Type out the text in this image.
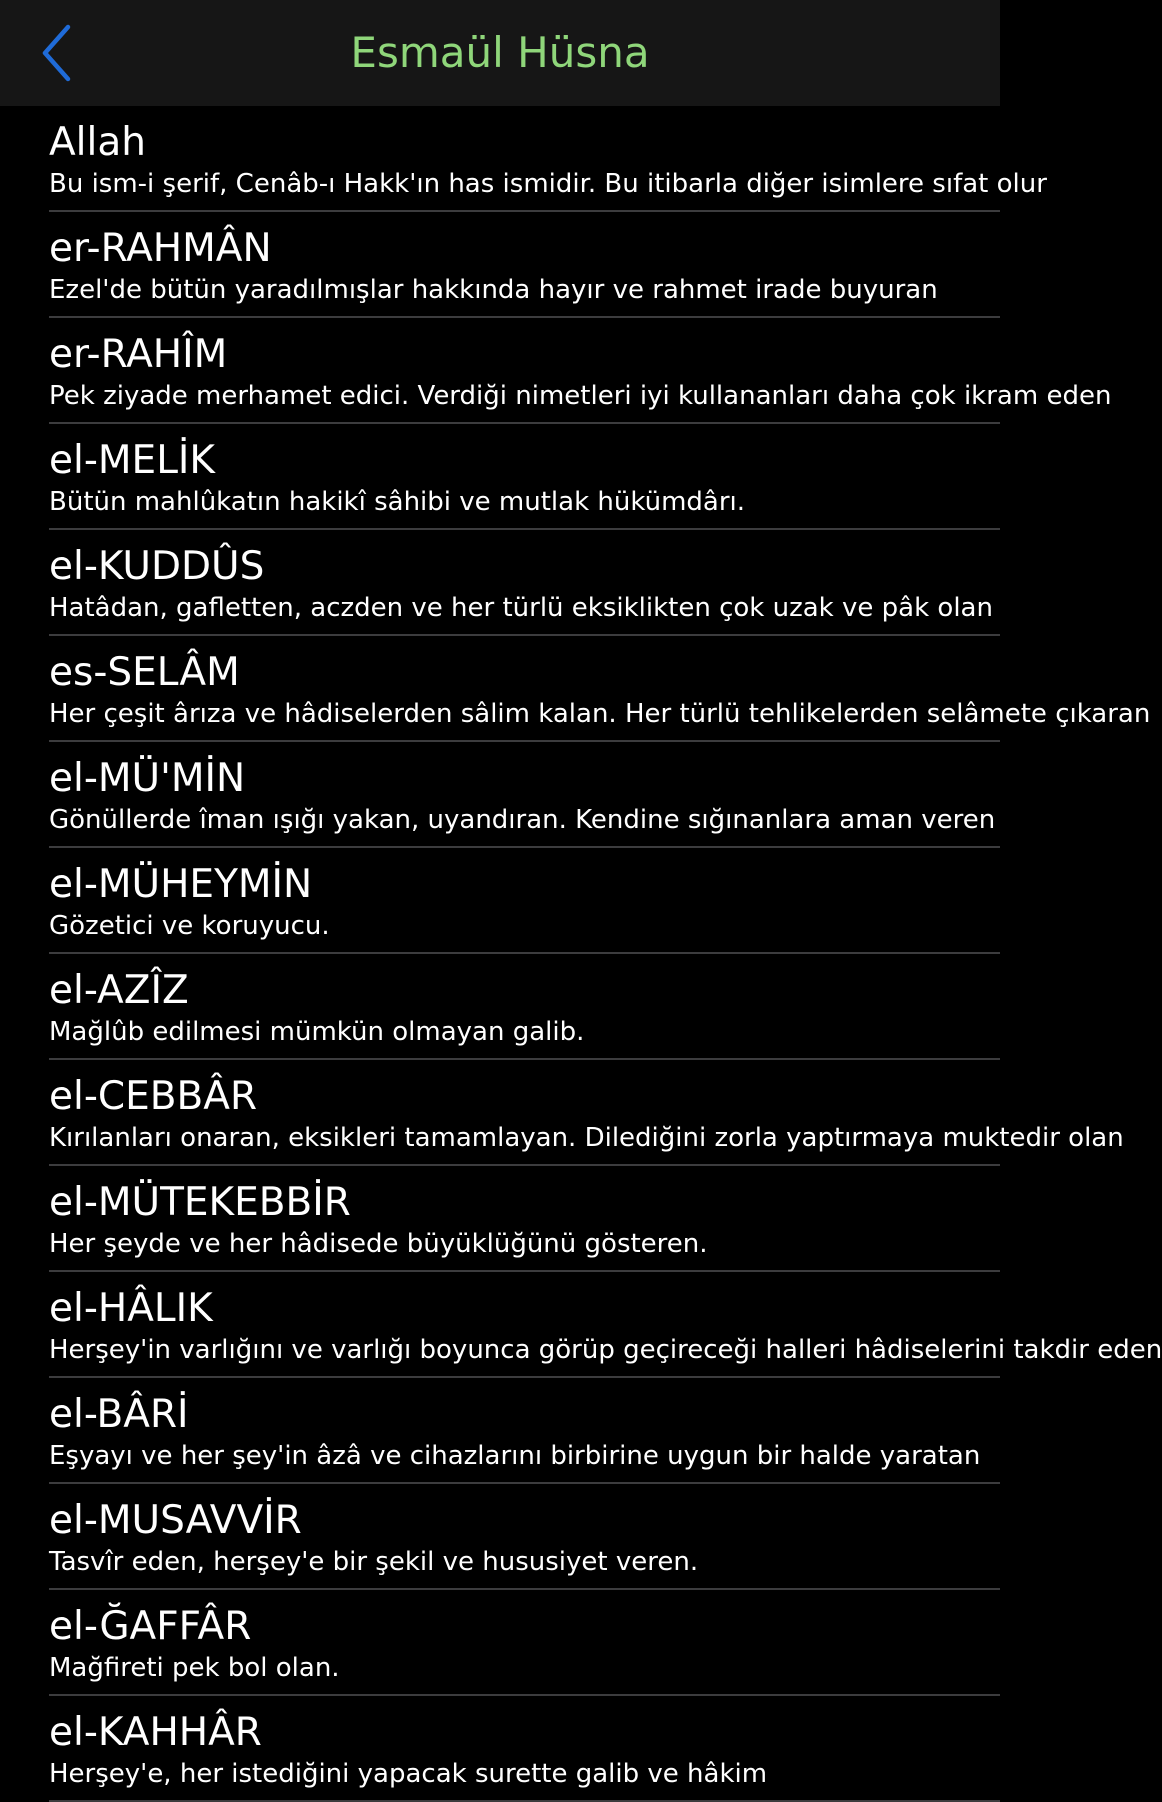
Esmaül Hüsna
Allah
Bu ism-i şerif, Cenâb-ı Hakk'ın has ismidir. Bu itibarla diğer isimlere sıfat olur
er-RAHMÂN
Ezel'de bütün yaradılmışlar hakkında hayır ve rahmet irade buyuran
er-RAHÎM
Pek ziyade merhamet edici. Verdiği nimetleri iyi kullananları daha çok ikram eden
el-MELİK
Bütün mahlûkatın hakikî sâhibi ve mutlak hükümdârı.
el-KUDDÛS
Hatâdan, gafletten, aczden ve her türlü eksiklikten çok uzak ve pâk olan
es-SELÂM
Her çeşit ârıza ve hâdiselerden sâlim kalan. Her türlü tehlikelerden selâmete çıkaran
el-MÜ'MİN
Gönüllerde îman ışığı yakan, uyandıran. Kendine sığınanlara aman veren
el-MÜHEYMİN
Gözetici ve koruyucu.
el-AZÎZ
Mağlûb edilmesi mümkün olmayan galib.
el-CEBBÂR
Kırılanları onaran, eksikleri tamamlayan. Dilediğini zorla yaptırmaya muktedir olan
el-MÜTEKEBBİR
Her şeyde ve her hâdisede büyüklüğünü gösteren.
el-HÂLIK
Herşey'in varlığını ve varlığı boyunca görüp geçireceği halleri hâdiselerini takdir eden
el-BÂRİ
Eşyayı ve her şey'in âzâ ve cihazlarını birbirine uygun bir halde yaratan
el-MUSAVVİR
Tasvîr eden, herşey'e bir şekil ve hususiyet veren.
el-ĞAFFÂR
Mağfireti pek bol olan.
el-KAHHÂR
Herşey'e, her istediğini yapacak surette galib ve hâkim
